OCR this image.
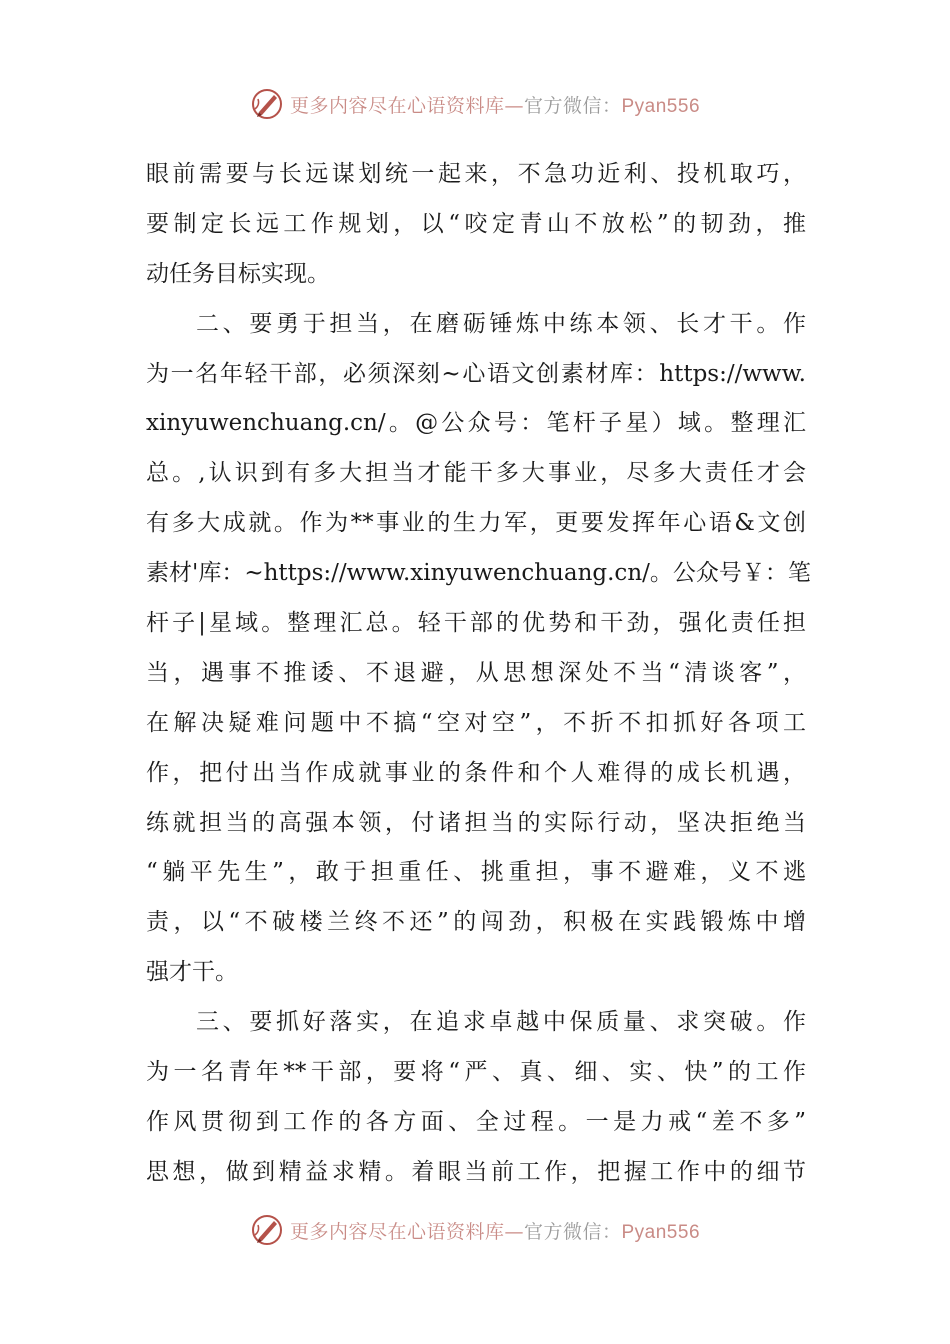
更多内容尽在心语资料库—官方微信：Pyan556
眼前需要与长远谋划统一起来，不急功近利、投机取巧，
要制定长远工作规划，以“咬定青山不放松”的韧劲，推
动任务目标实现。
二、要勇于担当，在磨砺锤炼中练本领、长才干。作
为一名年轻干部，必须深刻~心语文创素材库：https://www.
xinyuwenchuang.cn/。@公众号：笔杆子星）域。整理汇
总。,认识到有多大担当才能干多大事业，尽多大责任才会
有多大成就。作为**事业的生力军，更要发挥年心语&文创
素材'库：~https://www.xinyuwenchuang.cn/。公众号￥：笔
杆子|星域。整理汇总。轻干部的优势和干劲，强化责任担
当，遇事不推诿、不退避，从思想深处不当“清谈客”，
在解决疑难问题中不搞“空对空”，不折不扣抓好各项工
作，把付出当作成就事业的条件和个人难得的成长机遇，
练就担当的高强本领，付诸担当的实际行动，坚决拒绝当
“躺平先生”，敢于担重任、挑重担，事不避难，义不逃
责，以“不破楼兰终不还”的闯劲，积极在实践锻炼中增
强才干。
三、要抓好落实，在追求卓越中保质量、求突破。作
为一名青年**干部，要将“严、真、细、实、快”的工作
作风贯彻到工作的各方面、全过程。一是力戒“差不多”
思想，做到精益求精。着眼当前工作，把握工作中的细节
更多内容尽在心语资料库—官方微信：Pyan556
